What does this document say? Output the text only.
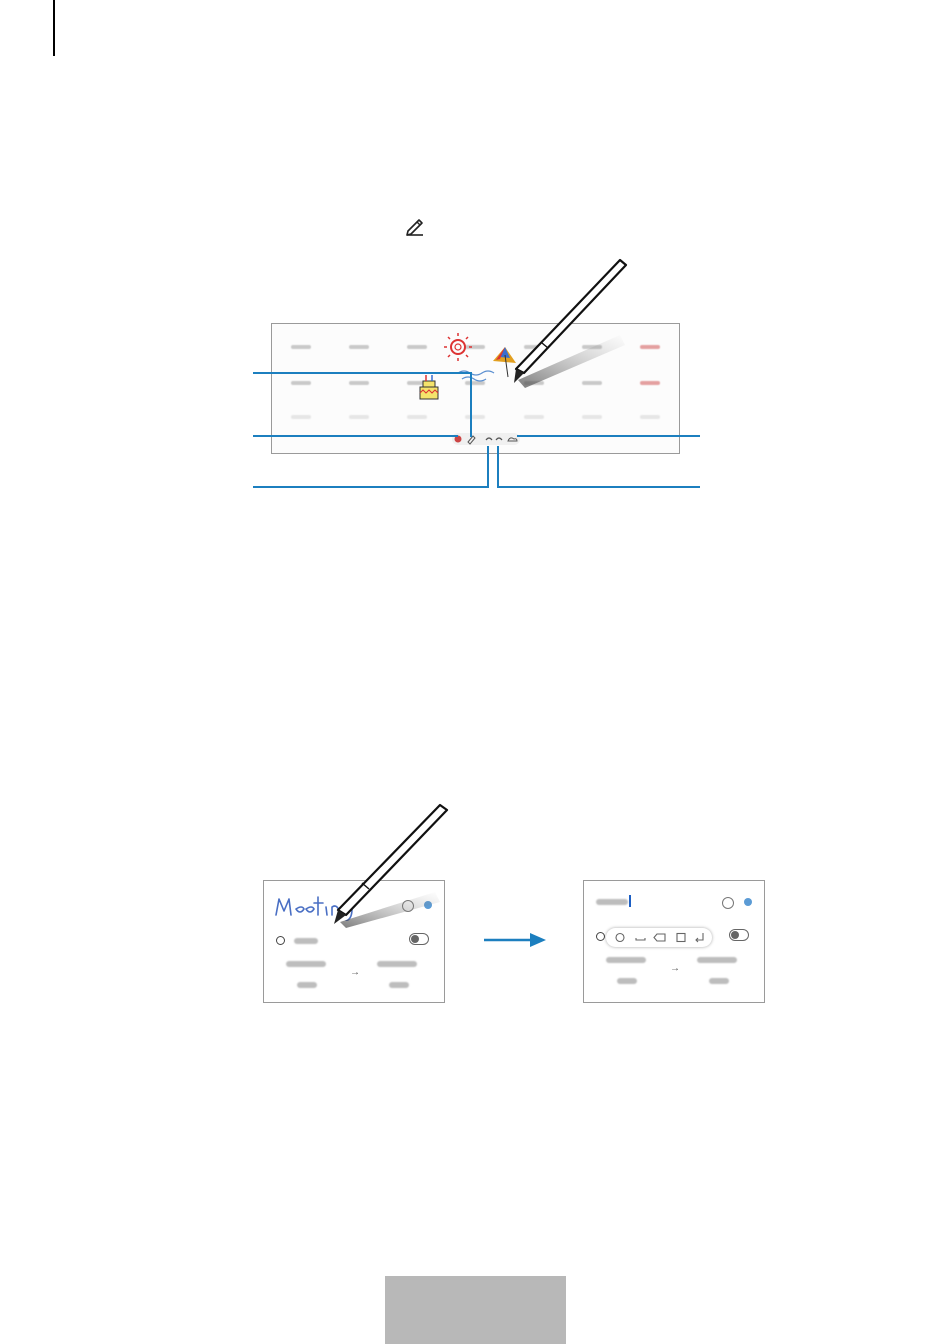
→	→
